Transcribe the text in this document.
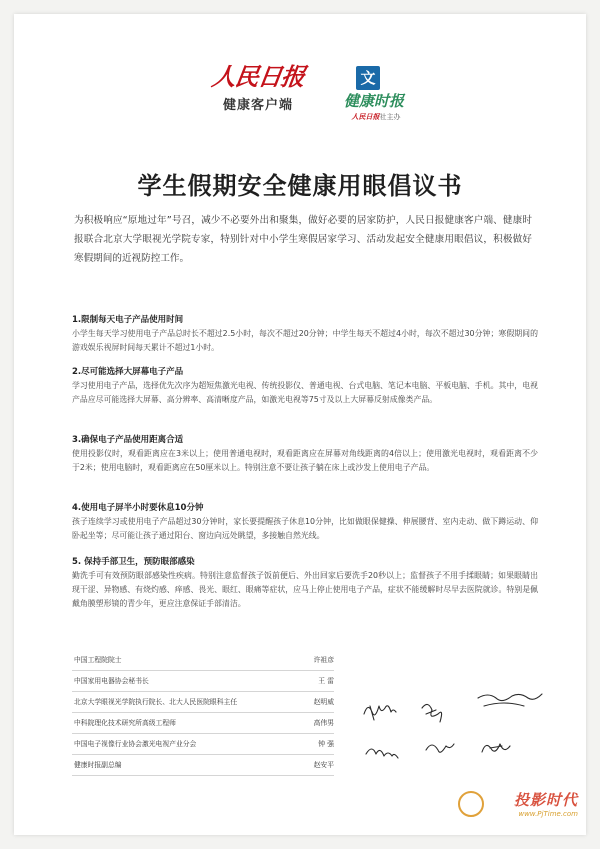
人民日报
健康客户端
文
健康时报
人民日报社主办
学生假期安全健康用眼倡议书

为积极响应“原地过年”号召，减少不必要外出和聚集，做好必要的居家防护，人民日报健康客户端、健康时报联合北京大学眼视光学院专家，特别针对中小学生寒假居家学习、活动发起安全健康用眼倡议，积极做好寒假期间的近视防控工作。

1.限制每天电子产品使用时间
小学生每天学习使用电子产品总时长不超过2.5小时，每次不超过20分钟；中学生每天不超过4小时，每次不超过30分钟；寒假期间的游戏娱乐视屏时间每天累计不超过1小时。
2.尽可能选择大屏幕电子产品
学习使用电子产品，选择优先次序为超短焦激光电视、传统投影仪、普通电视、台式电脑、笔记本电脑、平板电脑、手机。其中，电视产品应尽可能选择大屏幕、高分辨率、高清晰度产品，如激光电视等75寸及以上大屏幕反射成像类产品。
3.确保电子产品使用距离合适
使用投影仪时，观看距离应在3米以上；使用普通电视时，观看距离应在屏幕对角线距离的4倍以上；使用激光电视时，观看距离不少于2米；使用电脑时，观看距离应在50厘米以上。特别注意不要让孩子躺在床上或沙发上使用电子产品。
4.使用电子屏半小时要休息10分钟
孩子连续学习或使用电子产品超过30分钟时，家长要提醒孩子休息10分钟，比如做眼保健操、伸展腰背、室内走动、做下蹲运动、仰卧起坐等；尽可能让孩子通过阳台、窗边向远处眺望，多接触自然光线。
5. 保持手部卫生，预防眼部感染
勤洗手可有效预防眼部感染性疾病。特别注意监督孩子饭前便后、外出回家后要洗手20秒以上；监督孩子不用手揉眼睛；如果眼睛出现干涩、异物感、有烧灼感、痒感、畏光、眼红、眼痛等症状，应马上停止使用电子产品，症状不能缓解时尽早去医院就诊。特别是佩戴角膜塑形镜的青少年，更应注意保证手部清洁。
中国工程院院士	许祖彦
中国家用电器协会秘书长	王 雷
北京大学眼视光学院执行院长、北大人民医院眼科主任	赵明威
中科院理化技术研究所高级工程师	高伟男
中国电子视像行业协会激光电视产业分会	钟 强
健康时报副总编	赵安平
投影时代
www.PjTime.com
